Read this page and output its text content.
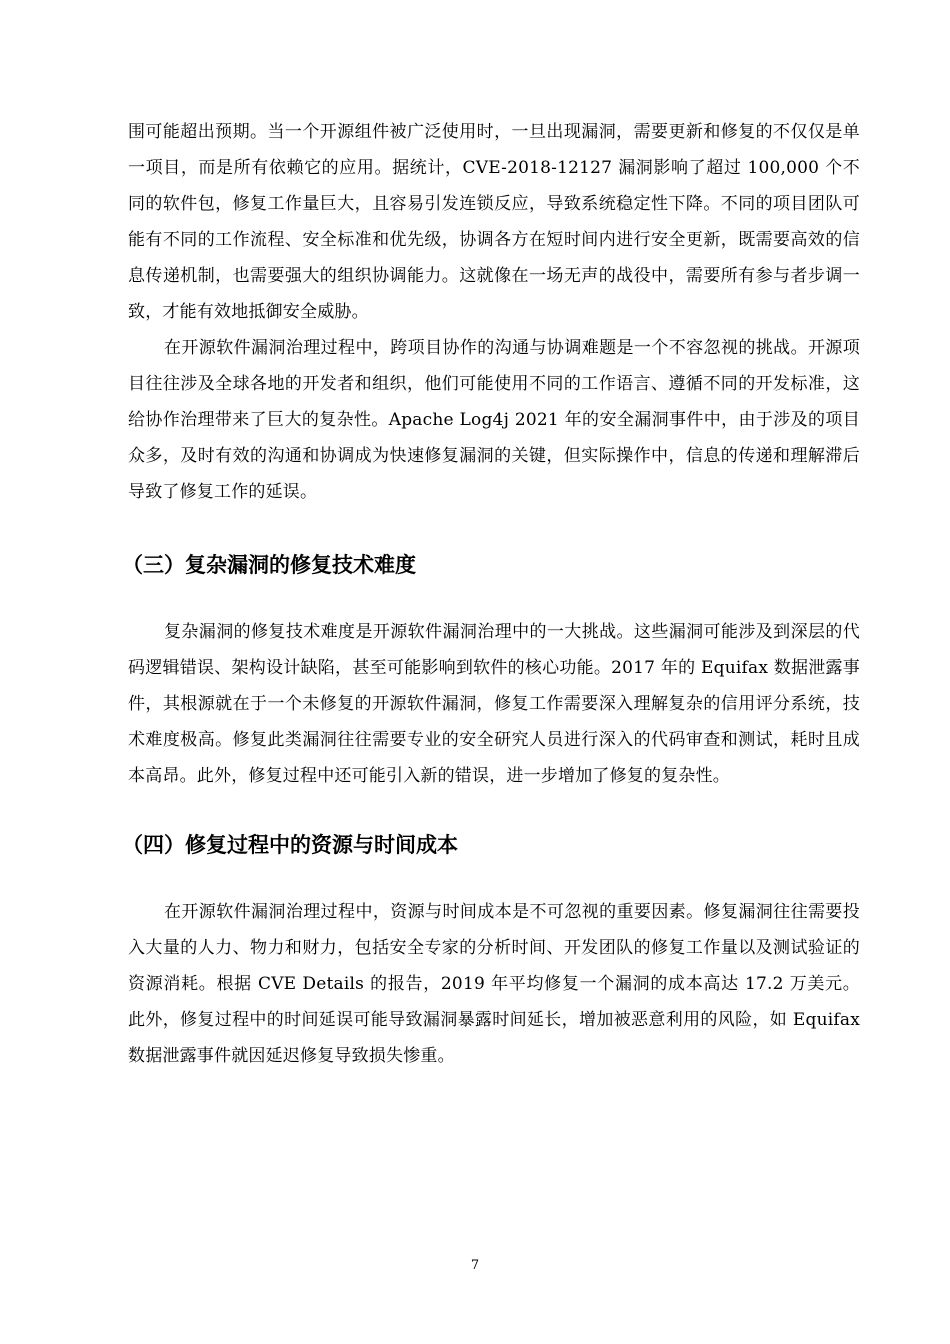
围可能超出预期。当一个开源组件被广泛使用时，一旦出现漏洞，需要更新和修复的不仅仅是单一项目，而是所有依赖它的应用。据统计，CVE-2018-12127 漏洞影响了超过 100,000 个不同的软件包，修复工作量巨大，且容易引发连锁反应，导致系统稳定性下降。不同的项目团队可能有不同的工作流程、安全标准和优先级，协调各方在短时间内进行安全更新，既需要高效的信息传递机制，也需要强大的组织协调能力。这就像在一场无声的战役中，需要所有参与者步调一致，才能有效地抵御安全威胁。

在开源软件漏洞治理过程中，跨项目协作的沟通与协调难题是一个不容忽视的挑战。开源项目往往涉及全球各地的开发者和组织，他们可能使用不同的工作语言、遵循不同的开发标准，这给协作治理带来了巨大的复杂性。Apache Log4j 2021 年的安全漏洞事件中，由于涉及的项目众多，及时有效的沟通和协调成为快速修复漏洞的关键，但实际操作中，信息的传递和理解滞后导致了修复工作的延误。

（三）复杂漏洞的修复技术难度

复杂漏洞的修复技术难度是开源软件漏洞治理中的一大挑战。这些漏洞可能涉及到深层的代码逻辑错误、架构设计缺陷，甚至可能影响到软件的核心功能。2017 年的 Equifax 数据泄露事件，其根源就在于一个未修复的开源软件漏洞，修复工作需要深入理解复杂的信用评分系统，技术难度极高。修复此类漏洞往往需要专业的安全研究人员进行深入的代码审查和测试，耗时且成本高昂。此外，修复过程中还可能引入新的错误，进一步增加了修复的复杂性。

（四）修复过程中的资源与时间成本

在开源软件漏洞治理过程中，资源与时间成本是不可忽视的重要因素。修复漏洞往往需要投入大量的人力、物力和财力，包括安全专家的分析时间、开发团队的修复工作量以及测试验证的资源消耗。根据 CVE Details 的报告，2019 年平均修复一个漏洞的成本高达 17.2 万美元。此外，修复过程中的时间延误可能导致漏洞暴露时间延长，增加被恶意利用的风险，如 Equifax 数据泄露事件就因延迟修复导致损失惨重。

7
